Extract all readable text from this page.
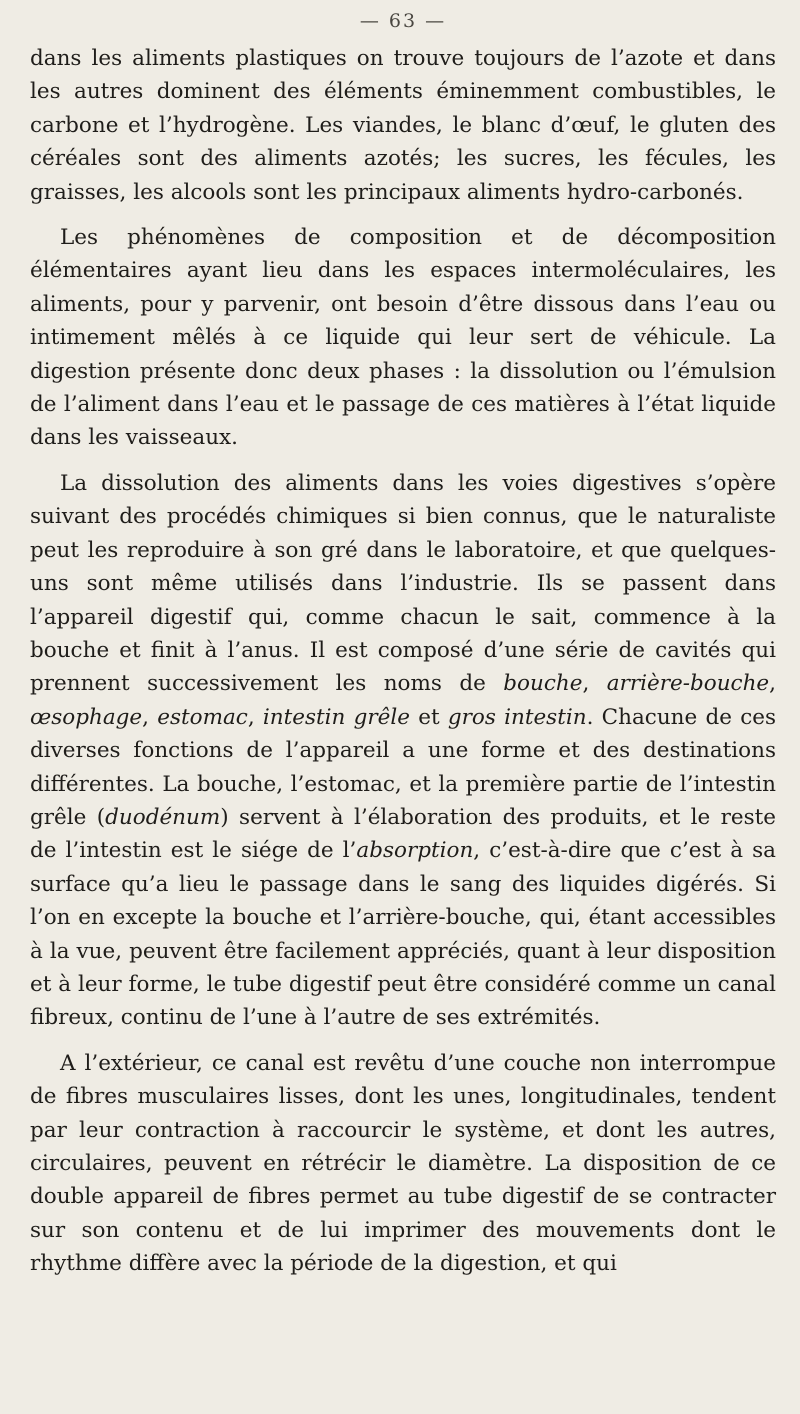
— 63 —

dans les aliments plastiques on trouve toujours de l’azote et dans les autres dominent des éléments éminemment combustibles, le carbone et l’hydrogène. Les viandes, le blanc d’œuf, le gluten des céréales sont des aliments azotés; les sucres, les fécules, les graisses, les alcools sont les principaux aliments hydro-carbonés.

Les phénomènes de composition et de décomposition élémentaires ayant lieu dans les espaces intermoléculaires, les aliments, pour y parvenir, ont besoin d’être dissous dans l’eau ou intimement mêlés à ce liquide qui leur sert de véhicule. La digestion présente donc deux phases : la dissolution ou l’émulsion de l’aliment dans l’eau et le passage de ces matières à l’état liquide dans les vaisseaux.

La dissolution des aliments dans les voies digestives s’opère suivant des procédés chimiques si bien connus, que le naturaliste peut les reproduire à son gré dans le laboratoire, et que quelques-uns sont même utilisés dans l’industrie. Ils se passent dans l’appareil digestif qui, comme chacun le sait, commence à la bouche et finit à l’anus. Il est composé d’une série de cavités qui prennent successivement les noms de bouche, arrière-bouche, œsophage, estomac, intestin grêle et gros intestin. Chacune de ces diverses fonctions de l’appareil a une forme et des destinations différentes. La bouche, l’estomac, et la première partie de l’intestin grêle (duodénum) servent à l’élaboration des produits, et le reste de l’intestin est le siége de l’absorption, c’est-à-dire que c’est à sa surface qu’a lieu le passage dans le sang des liquides digérés. Si l’on en excepte la bouche et l’arrière-bouche, qui, étant accessibles à la vue, peuvent être facilement appréciés, quant à leur disposition et à leur forme, le tube digestif peut être considéré comme un canal fibreux, continu de l’une à l’autre de ses extrémités.

A l’extérieur, ce canal est revêtu d’une couche non interrompue de fibres musculaires lisses, dont les unes, longitudinales, tendent par leur contraction à raccourcir le système, et dont les autres, circulaires, peuvent en rétrécir le diamètre. La disposition de ce double appareil de fibres permet au tube digestif de se contracter sur son contenu et de lui imprimer des mouvements dont le rhythme diffère avec la période de la digestion, et qui
